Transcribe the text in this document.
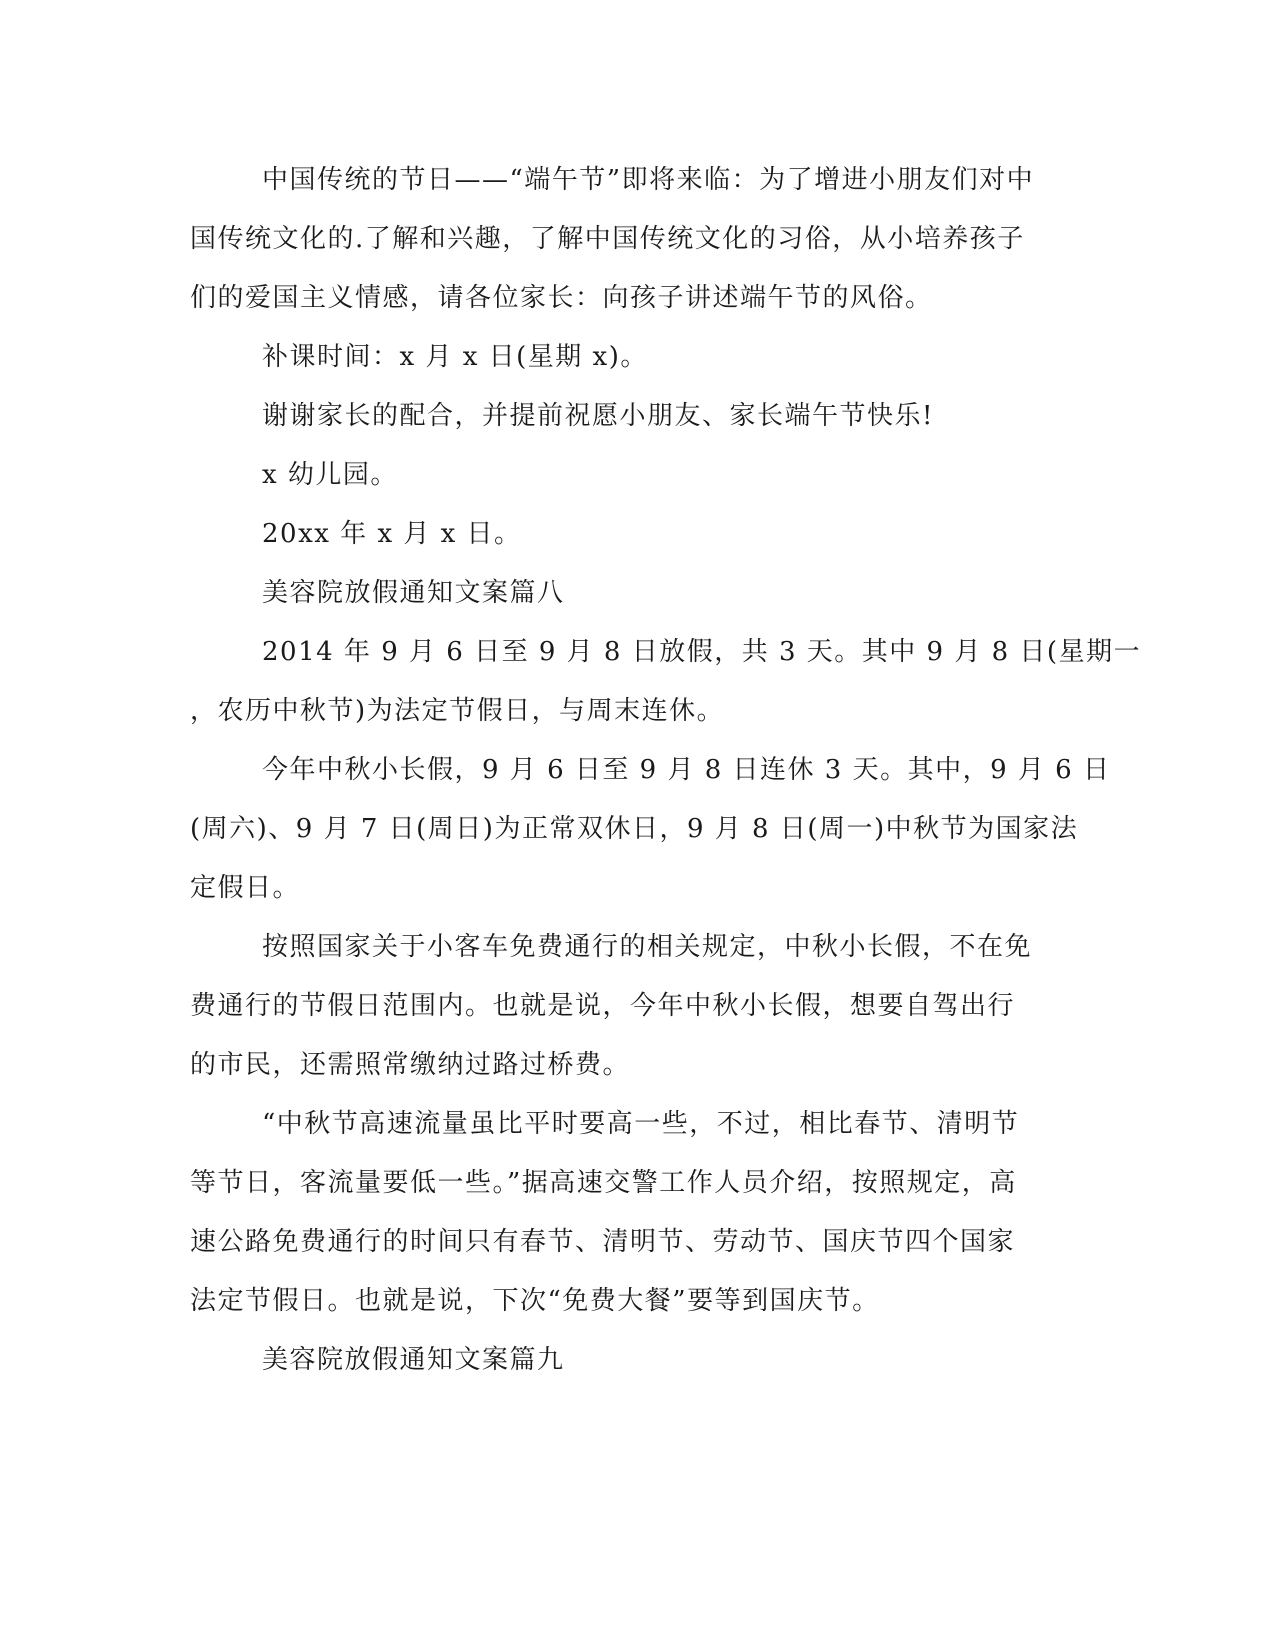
中国传统的节日——“端午节”即将来临：为了增进小朋友们对中
国传统文化的.了解和兴趣，了解中国传统文化的习俗，从小培养孩子
们的爱国主义情感，请各位家长：向孩子讲述端午节的风俗。
补课时间：x 月 x 日(星期 x)。
谢谢家长的配合，并提前祝愿小朋友、家长端午节快乐!
x 幼儿园。
20xx 年 x 月 x 日。
美容院放假通知文案篇八
2014 年 9 月 6 日至 9 月 8 日放假，共 3 天。其中 9 月 8 日(星期一
，农历中秋节)为法定节假日，与周末连休。
今年中秋小长假，9 月 6 日至 9 月 8 日连休 3 天。其中，9 月 6 日
(周六)、9 月 7 日(周日)为正常双休日，9 月 8 日(周一)中秋节为国家法
定假日。
按照国家关于小客车免费通行的相关规定，中秋小长假，不在免
费通行的节假日范围内。也就是说，今年中秋小长假，想要自驾出行
的市民，还需照常缴纳过路过桥费。
“中秋节高速流量虽比平时要高一些，不过，相比春节、清明节
等节日，客流量要低一些。”据高速交警工作人员介绍，按照规定，高
速公路免费通行的时间只有春节、清明节、劳动节、国庆节四个国家
法定节假日。也就是说，下次“免费大餐”要等到国庆节。
美容院放假通知文案篇九
